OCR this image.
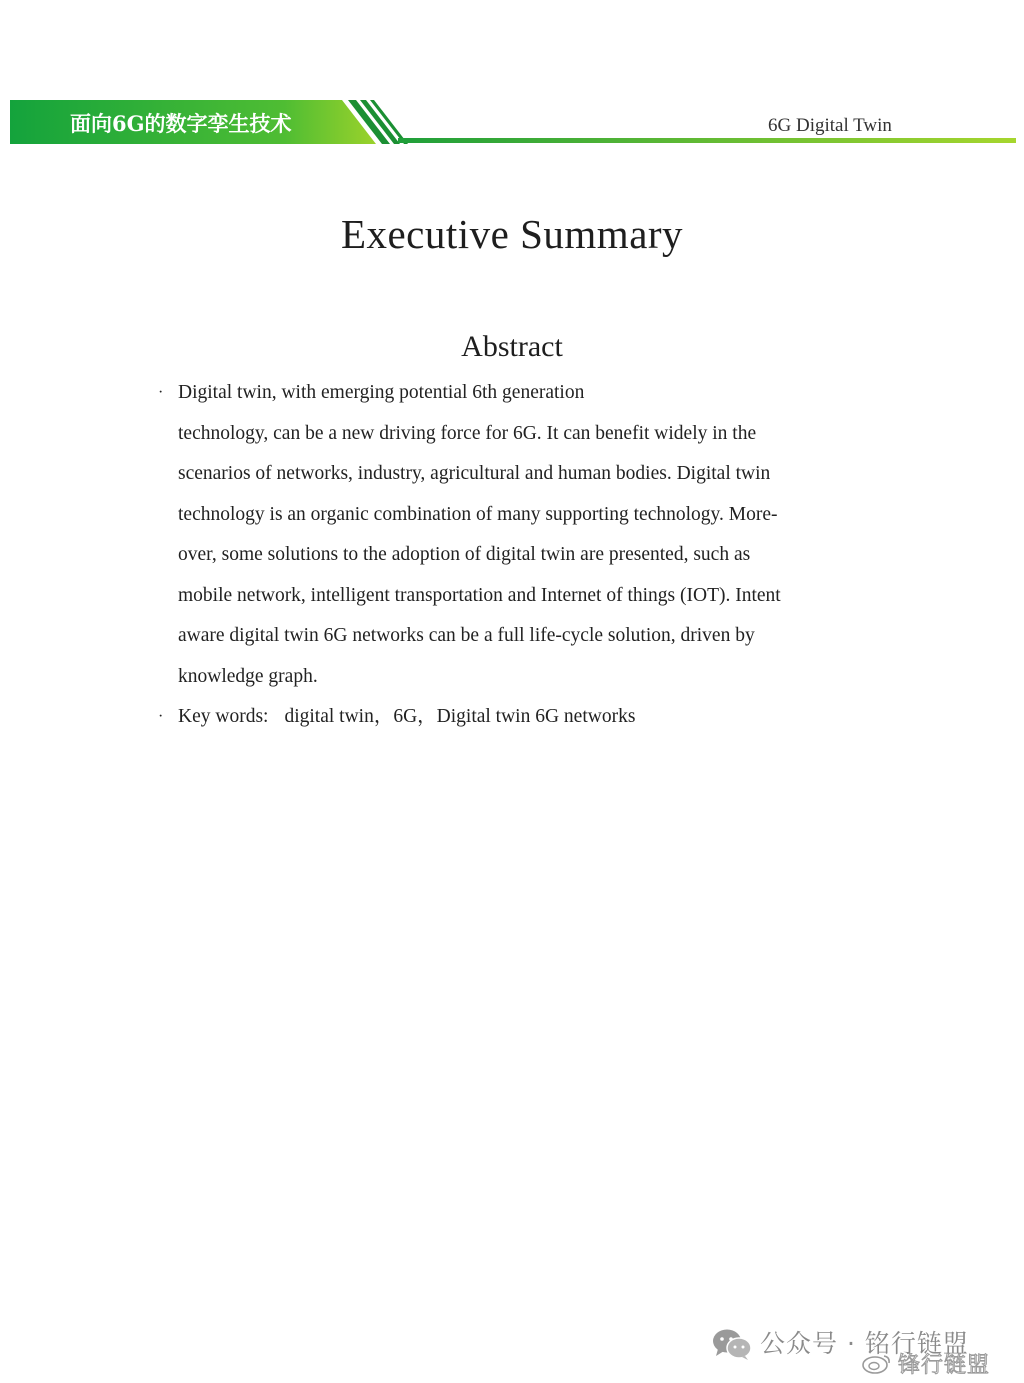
面向6G的数字孪生技术	6G Digital Twin
Executive Summary
Abstract
· Digital twin, with emerging potential 6th generation
technology, can be a new driving force for 6G. It can benefit widely in the
scenarios of networks, industry, agricultural and human bodies. Digital twin
technology is an organic combination of many supporting technology. More-
over, some solutions to the adoption of digital twin are presented, such as
mobile network, intelligent transportation and Internet of things (IOT). Intent
aware digital twin 6G networks can be a full life-cycle solution, driven by
knowledge graph.
· Key words: digital twin，6G，Digital twin 6G networks
公众号 · 铭行链盟
锋行链盟
